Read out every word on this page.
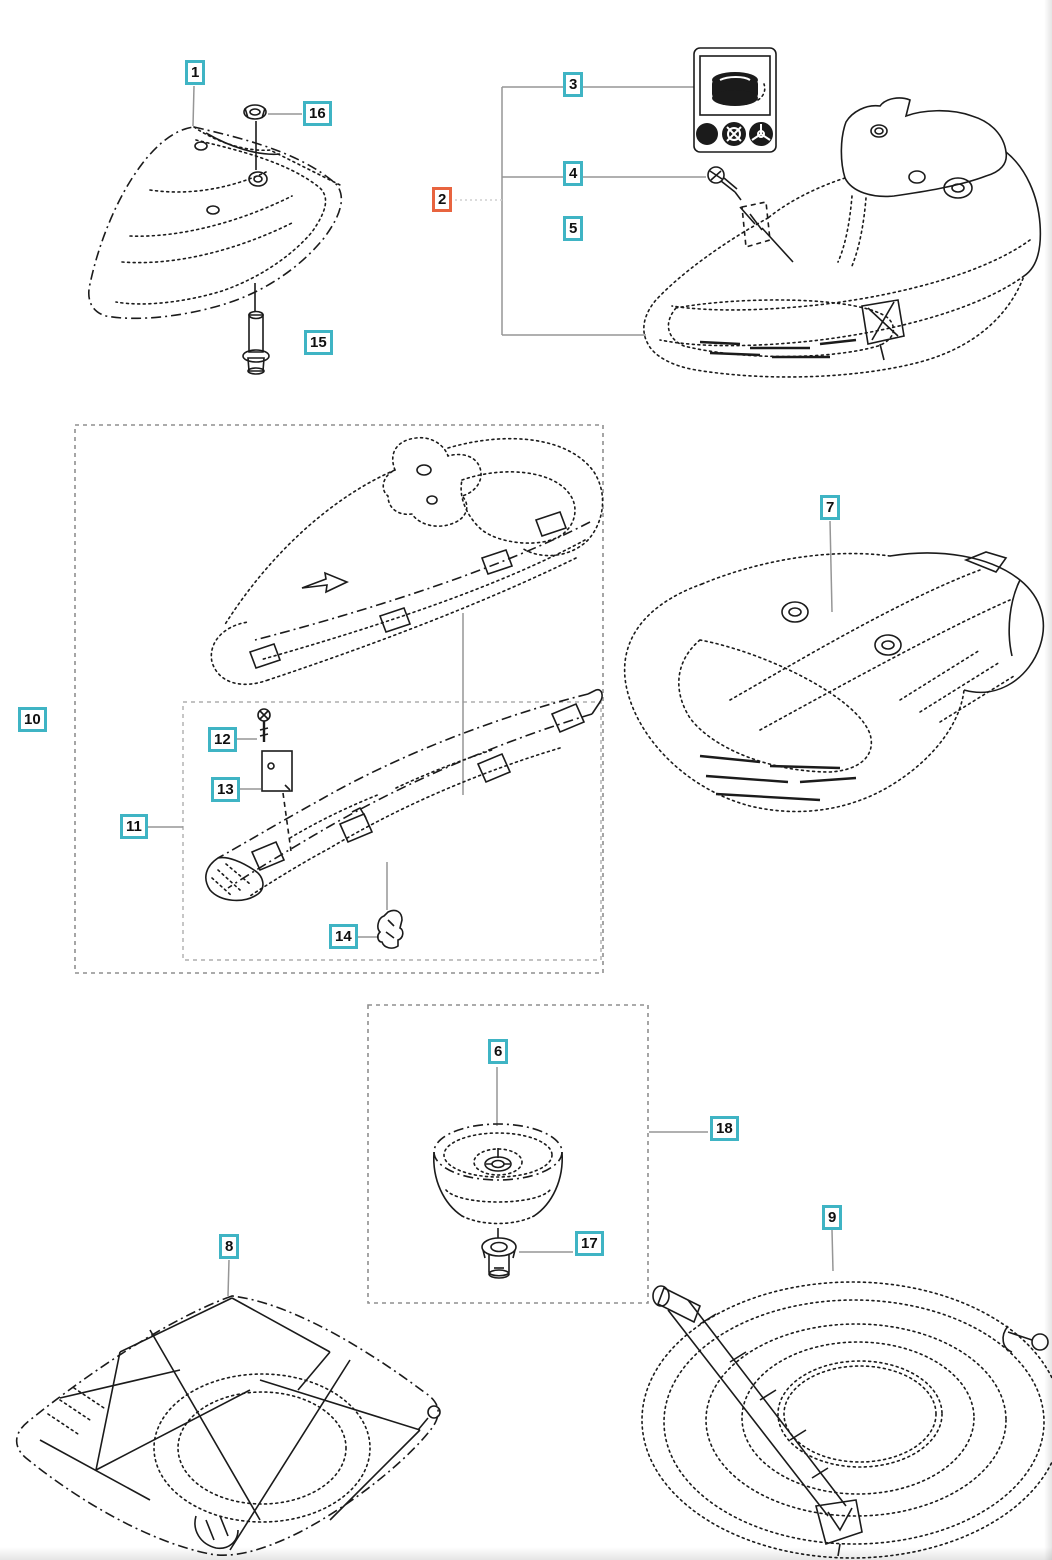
1
2
3
4
5
6
7
8
9
10
11
12
13
14
15
16
17
18
